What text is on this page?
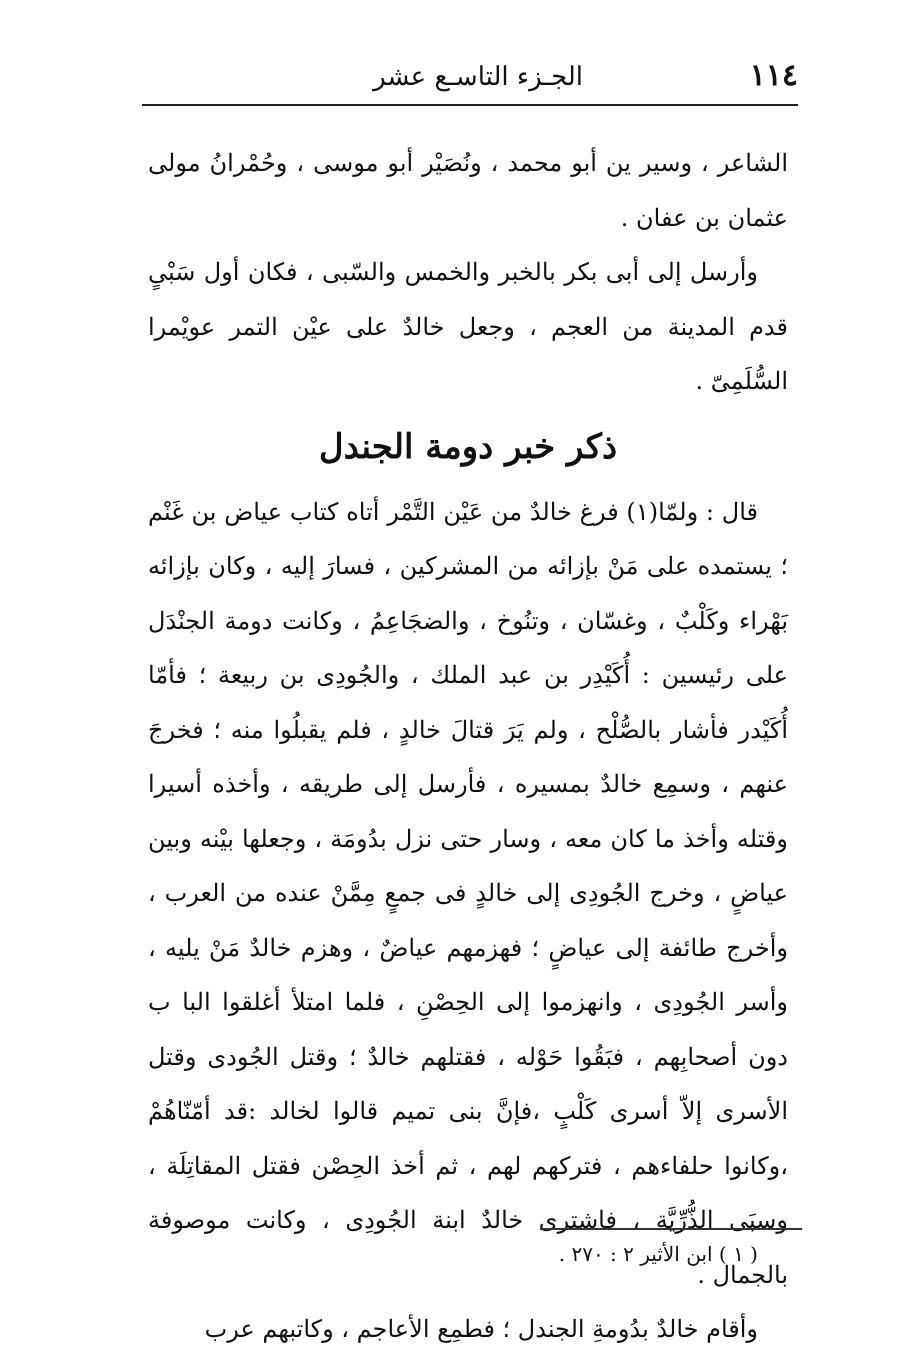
١١٤
الجـزء التاسـع عشر

الشاعر ، وسير ين أبو محمد ، ونُصَيْر أبو موسى ، وحُمْرانُ مولى عثمان بن عفان .

وأرسل إلى أبى بكر بالخبر والخمس والسّبى ، فكان أول سَبْىٍ قدم المدينة من العجم ، وجعل خالدٌ على عيْن التمر عويْمرا السُّلَمِىّ .

ذكر خبر دومة الجندل

قال : ولمّا(١) فرغ خالدٌ من عَيْن التَّمْر أتاه كتاب عياض بن غَنْم ؛ يستمده على مَنْ بإزائه من المشركين ، فسارَ إليه ، وكان بإزائه بَهْراء وكَلْبٌ ، وغسّان ، وتنُوخ ، والضجَاعِمُ ، وكانت دومة الجنْدَل على رئيسين : أُكَيْدِر بن عبد الملك ، والجُودِى بن ربيعة ؛ فأمّا أُكَيْدر فأشار بالصُّلْح ، ولم يَرَ قتالَ خالدٍ ، فلم يقبلُوا منه ؛ فخرجَ عنهم ، وسمِع خالدٌ بمسيره ، فأرسل إلى طريقه ، وأخذه أسيرا وقتله وأخذ ما كان معه ، وسار حتى نزل بدُومَة ، وجعلها بيْنه وبين عياضٍ ، وخرج الجُودِى إلى خالدٍ فى جمعٍ مِمَّنْ عنده من العرب ، وأخرج طائفة إلى عياضٍ ؛ فهزمهم عياضٌ ، وهزم خالدٌ مَنْ يليه ، وأسر الجُودِى ، وانهزموا إلى الحِصْنِ ، فلما امتلأ أغلقوا البا ب دون أصحابِهم ، فبَقُوا حَوْله ، فقتلهم خالدٌ ؛ وقتل الجُودى وقتل الأسرى إلاّ أسرى كَلْبٍ ،فإنَّ بنى تميم قالوا لخالد :قد أمّنّاهُمْ ،وكانوا حلفاءهم ، فتركهم لهم ، ثم أخذ الحِصْن فقتل المقاتِلَة ، وسبَى الذُّرِّيَّة ، فاشترى خالدٌ ابنة الجُودِى ، وكانت موصوفة بالجمال .

وأقام خالدٌ بدُومةِ الجندل ؛ فطمِع الأعاجم ، وكاتبهم عرب

( ١ ) ابن الأثير ٢ : ٢٧٠ .
